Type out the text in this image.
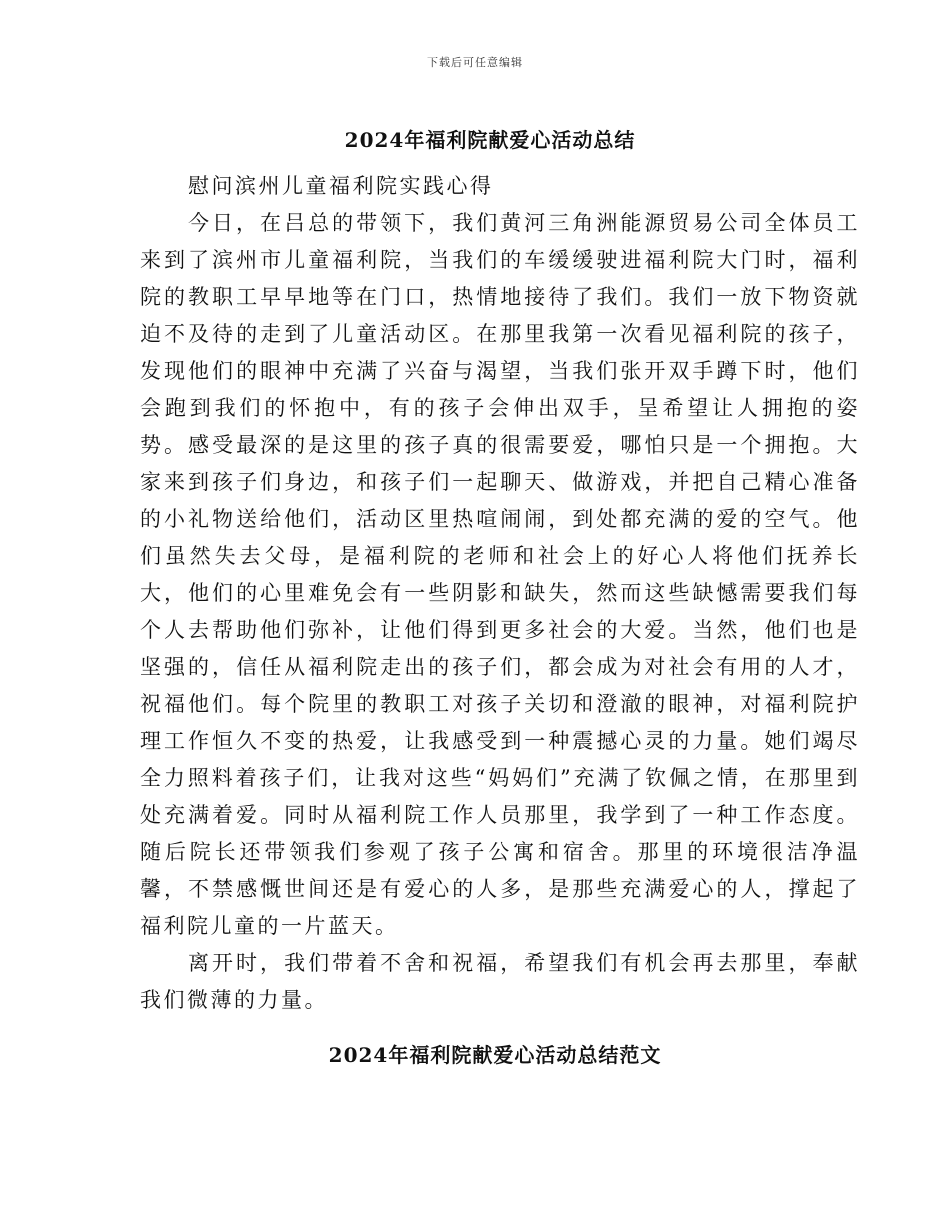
下载后可任意编辑
2024年福利院献爱心活动总结

慰问滨州儿童福利院实践心得

今日，在吕总的带领下，我们黄河三角洲能源贸易公司全体员工来到了滨州市儿童福利院，当我们的车缓缓驶进福利院大门时，福利院的教职工早早地等在门口，热情地接待了我们。我们一放下物资就迫不及待的走到了儿童活动区。在那里我第一次看见福利院的孩子，发现他们的眼神中充满了兴奋与渴望，当我们张开双手蹲下时，他们会跑到我们的怀抱中，有的孩子会伸出双手，呈希望让人拥抱的姿势。感受最深的是这里的孩子真的很需要爱，哪怕只是一个拥抱。大家来到孩子们身边，和孩子们一起聊天、做游戏，并把自己精心准备的小礼物送给他们，活动区里热喧闹闹，到处都充满的爱的空气。他们虽然失去父母，是福利院的老师和社会上的好心人将他们抚养长大，他们的心里难免会有一些阴影和缺失，然而这些缺憾需要我们每个人去帮助他们弥补，让他们得到更多社会的大爱。当然，他们也是坚强的，信任从福利院走出的孩子们，都会成为对社会有用的人才，祝福他们。每个院里的教职工对孩子关切和澄澈的眼神，对福利院护理工作恒久不变的热爱，让我感受到一种震撼心灵的力量。她们竭尽全力照料着孩子们，让我对这些“妈妈们”充满了钦佩之情，在那里到处充满着爱。同时从福利院工作人员那里，我学到了一种工作态度。随后院长还带领我们参观了孩子公寓和宿舍。那里的环境很洁净温馨，不禁感慨世间还是有爱心的人多，是那些充满爱心的人，撑起了福利院儿童的一片蓝天。

离开时，我们带着不舍和祝福，希望我们有机会再去那里，奉献我们微薄的力量。

2024年福利院献爱心活动总结范文
